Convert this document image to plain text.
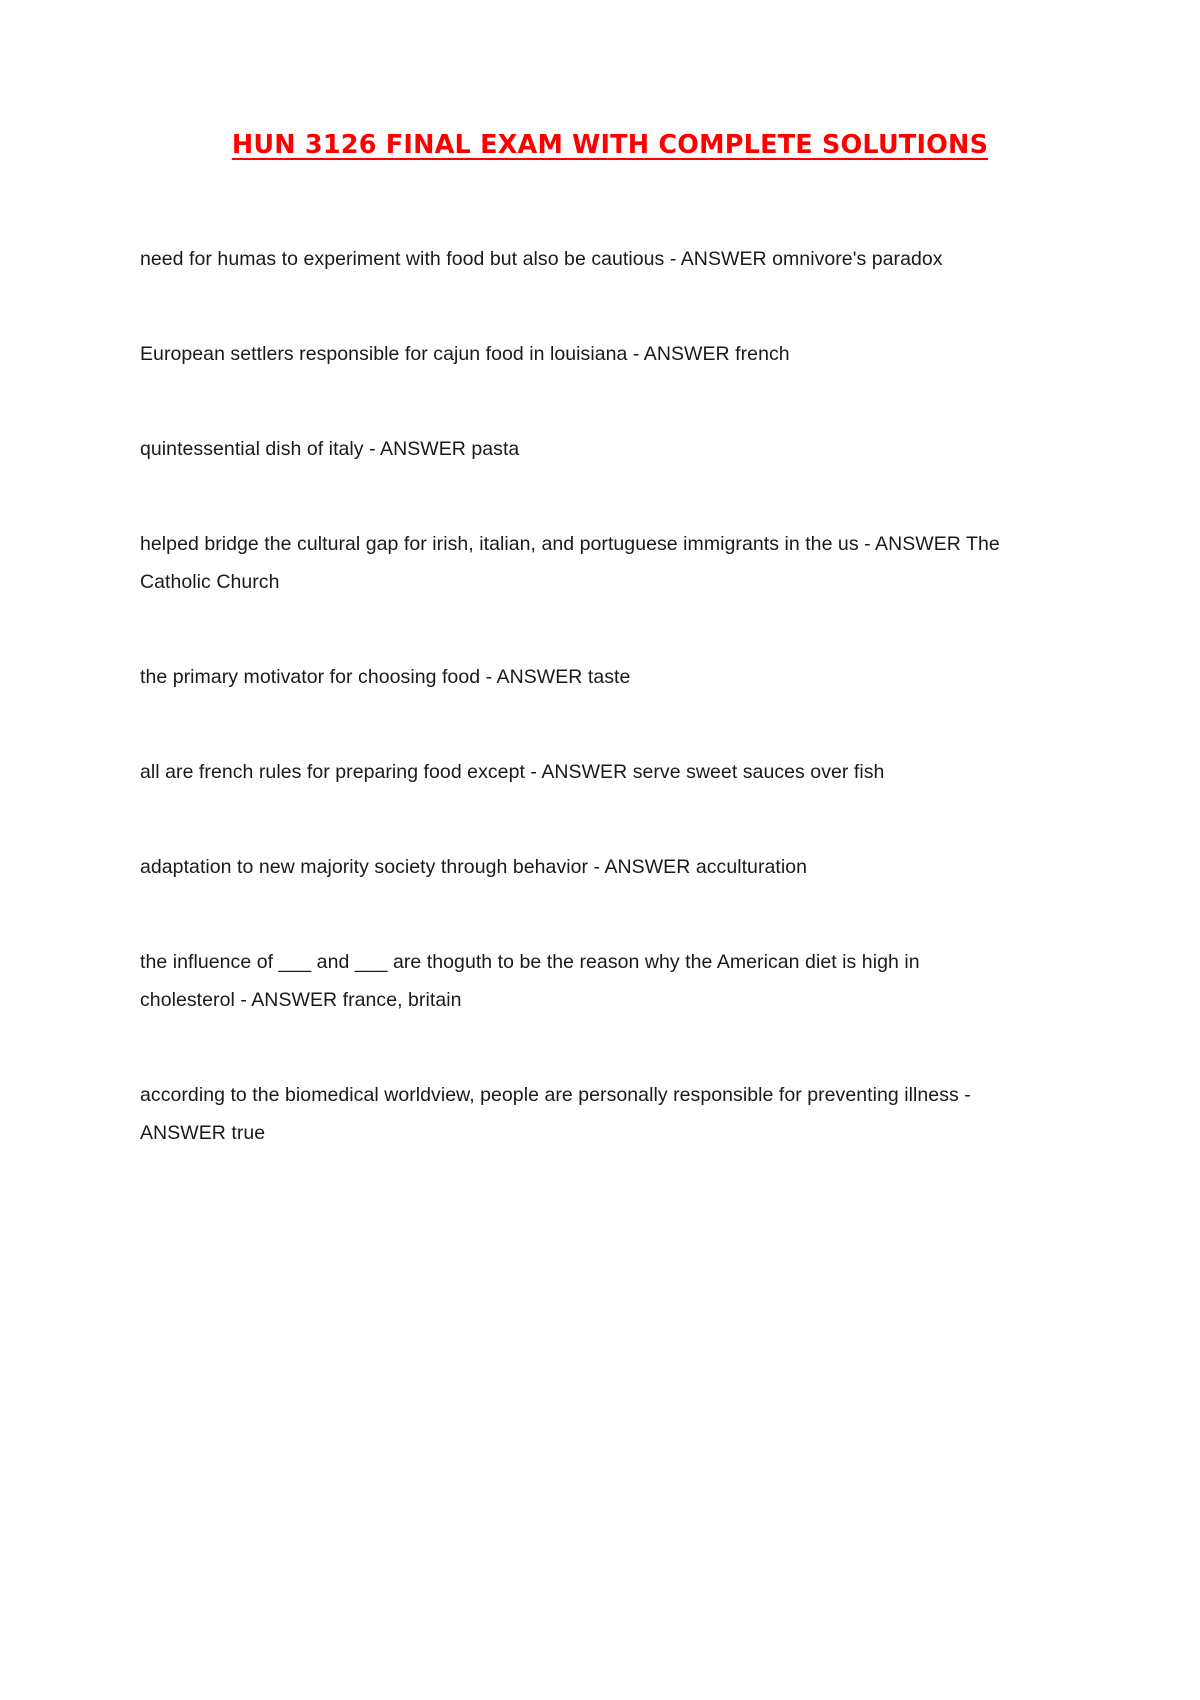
HUN 3126 FINAL EXAM WITH COMPLETE SOLUTIONS

need for humas to experiment with food but also be cautious - ANSWER omnivore's paradox

European settlers responsible for cajun food in louisiana - ANSWER french

quintessential dish of italy - ANSWER pasta

helped bridge the cultural gap for irish, italian, and portuguese immigrants in the us - ANSWER The Catholic Church

the primary motivator for choosing food - ANSWER taste

all are french rules for preparing food except - ANSWER serve sweet sauces over fish

adaptation to new majority society through behavior - ANSWER acculturation

the influence of ___ and ___ are thoguth to be the reason why the American diet is high in cholesterol - ANSWER france, britain

according to the biomedical worldview, people are personally responsible for preventing illness - ANSWER true
